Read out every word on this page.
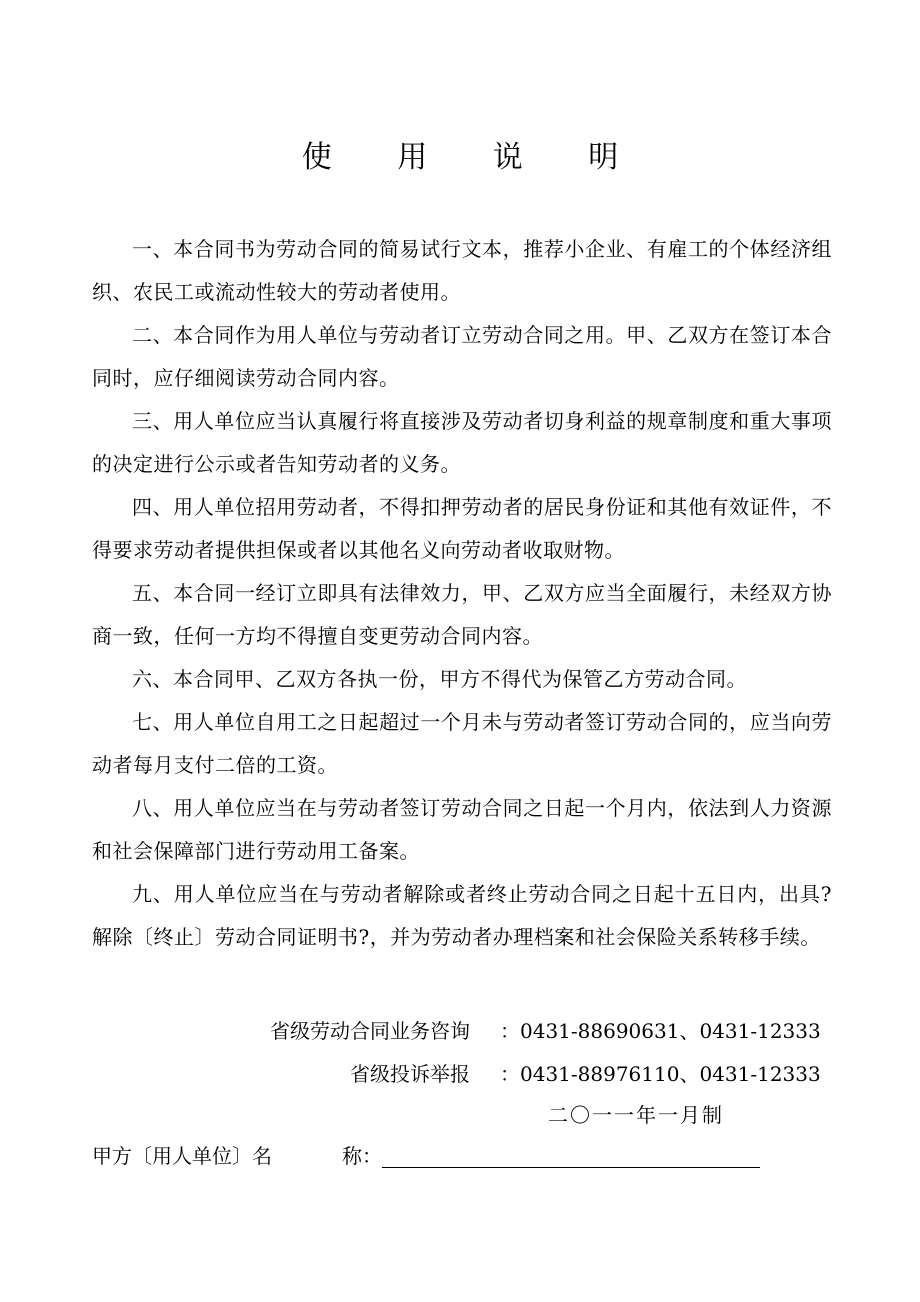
使 用 说 明

一、本合同书为劳动合同的简易试行文本，推荐小企业、有雇工的个体经济组织、农民工或流动性较大的劳动者使用。

二、本合同作为用人单位与劳动者订立劳动合同之用。甲、乙双方在签订本合同时，应仔细阅读劳动合同内容。

三、用人单位应当认真履行将直接涉及劳动者切身利益的规章制度和重大事项的决定进行公示或者告知劳动者的义务。

四、用人单位招用劳动者，不得扣押劳动者的居民身份证和其他有效证件，不得要求劳动者提供担保或者以其他名义向劳动者收取财物。

五、本合同一经订立即具有法律效力，甲、乙双方应当全面履行，未经双方协商一致，任何一方均不得擅自变更劳动合同内容。

六、本合同甲、乙双方各执一份，甲方不得代为保管乙方劳动合同。

七、用人单位自用工之日起超过一个月未与劳动者签订劳动合同的，应当向劳动者每月支付二倍的工资。

八、用人单位应当在与劳动者签订劳动合同之日起一个月内，依法到人力资源和社会保障部门进行劳动用工备案。

九、用人单位应当在与劳动者解除或者终止劳动合同之日起十五日内，出具?解除〔终止〕劳动合同证明书?，并为劳动者办理档案和社会保险关系转移手续。

省级劳动合同业务咨询 ：0431-88690631、0431-12333
省级投诉举报 ：0431-88976110、0431-12333
二〇一一年一月制
甲方〔用人单位〕名	称：
